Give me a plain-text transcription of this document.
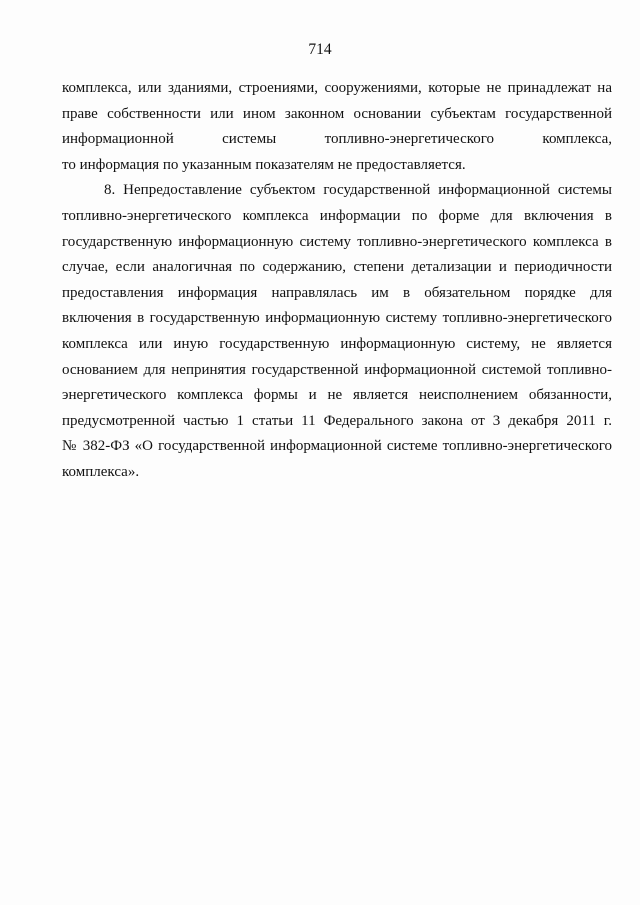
714
комплекса, или зданиями, строениями, сооружениями, которые не принадлежат на
праве собственности или ином законном основании субъектам государственной
информационной системы топливно-энергетического комплекса,
то информация по указанным показателям не предоставляется.
8. Непредоставление субъектом государственной информационной системы
топливно-энергетического комплекса информации по форме для включения в
государственную информационную систему топливно-энергетического комплекса в
случае, если аналогичная по содержанию, степени детализации и периодичности
предоставления информация направлялась им в обязательном порядке для
включения в государственную информационную систему топливно-энергетического
комплекса или иную государственную информационную систему, не является
основанием для непринятия государственной информационной системой топливно-
энергетического комплекса формы и не является неисполнением обязанности,
предусмотренной частью 1 статьи 11 Федерального закона от 3 декабря 2011 г.
№ 382-ФЗ «О государственной информационной системе топливно-энергетического
комплекса».
